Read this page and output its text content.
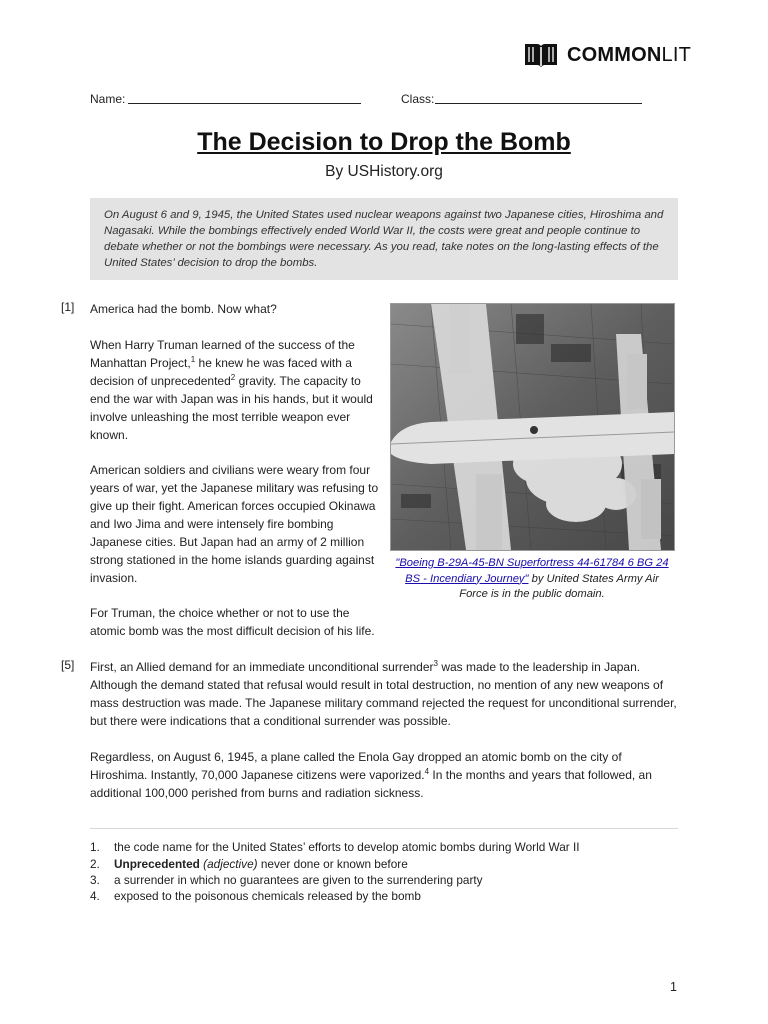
COMMONLIT
Name:	Class:
The Decision to Drop the Bomb
By USHistory.org
On August 6 and 9, 1945, the United States used nuclear weapons against two Japanese cities, Hiroshima and Nagasaki. While the bombings effectively ended World War II, the costs were great and people continue to debate whether or not the bombings were necessary. As you read, take notes on the long-lasting effects of the United States’ decision to drop the bombs.
[1]
[5]
America had the bomb. Now what?
When Harry Truman learned of the success of the Manhattan Project,$^1$ he knew he was faced with a decision of unprecedented$^2$ gravity. The capacity to end the war with Japan was in his hands, but it would involve unleashing the most terrible weapon ever known.
American soldiers and civilians were weary from four years of war, yet the Japanese military was refusing to give up their fight. American forces occupied Okinawa and Iwo Jima and were intensely fire bombing Japanese cities. But Japan had an army of 2 million strong stationed in the home islands guarding against invasion.
For Truman, the choice whether or not to use the atomic bomb was the most difficult decision of his life.
"Boeing B-29A-45-BN Superfortress 44-61784 6 BG 24 BS - Incendiary Journey" by United States Army Air Force is in the public domain.
First, an Allied demand for an immediate unconditional surrender$^3$ was made to the leadership in Japan. Although the demand stated that refusal would result in total destruction, no mention of any new weapons of mass destruction was made. The Japanese military command rejected the request for unconditional surrender, but there were indications that a conditional surrender was possible.
Regardless, on August 6, 1945, a plane called the Enola Gay dropped an atomic bomb on the city of Hiroshima. Instantly, 70,000 Japanese citizens were vaporized.$^4$ In the months and years that followed, an additional 100,000 perished from burns and radiation sickness.
1. the code name for the United States’ efforts to develop atomic bombs during World War II
2. Unprecedented (adjective) never done or known before
3. a surrender in which no guarantees are given to the surrendering party
4. exposed to the poisonous chemicals released by the bomb
1
